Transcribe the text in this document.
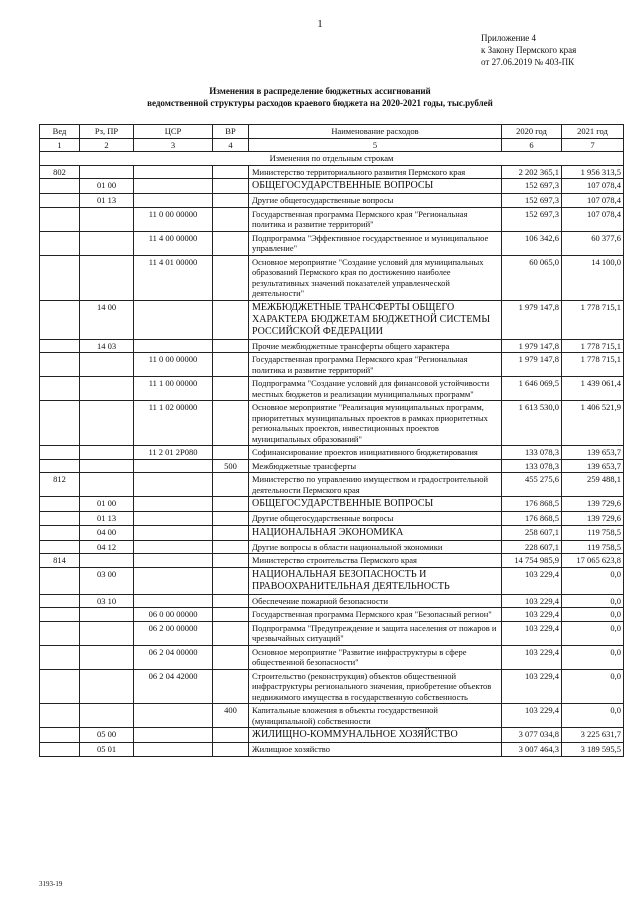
1
Приложение 4
к Закону Пермского края
от 27.06.2019 № 403-ПК
Изменения в распределение бюджетных ассигнований
ведомственной структуры расходов краевого бюджета на 2020-2021 годы, тыс.рублей
Вед	Рз, ПР	ЦСР	ВР	Наименование расходов	2020 год	2021 год
1	2	3	4	5	6	7
Изменения по отдельным строкам						
802				Министерство территориального развития Пермского края	2 202 365,1	1 956 313,5
	01 00			ОБЩЕГОСУДАРСТВЕННЫЕ ВОПРОСЫ	152 697,3	107 078,4
	01 13			Другие общегосударственные вопросы	152 697,3	107 078,4
		11 0 00 00000		Государственная программа Пермского края "Региональная политика и развитие территорий"	152 697,3	107 078,4
		11 4 00 00000		Подпрограмма "Эффективное государственное и муниципальное управление"	106 342,6	60 377,6
		11 4 01 00000		Основное мероприятие "Создание условий для муниципальных образований Пермского края по достижению наиболее результативных значений показателей управленческой деятельности"	60 065,0	14 100,0
	14 00			МЕЖБЮДЖЕТНЫЕ ТРАНСФЕРТЫ ОБЩЕГО ХАРАКТЕРА БЮДЖЕТАМ БЮДЖЕТНОЙ СИСТЕМЫ РОССИЙСКОЙ ФЕДЕРАЦИИ	1 979 147,8	1 778 715,1
	14 03			Прочие межбюджетные трансферты общего характера	1 979 147,8	1 778 715,1
		11 0 00 00000		Государственная программа Пермского края "Региональная политика и развитие территорий"	1 979 147,8	1 778 715,1
		11 1 00 00000		Подпрограмма "Создание условий для финансовой устойчивости местных бюджетов и реализации муниципальных программ"	1 646 069,5	1 439 061,4
		11 1 02 00000		Основное мероприятие "Реализация муниципальных программ, приоритетных муниципальных проектов в рамках приоритетных региональных проектов, инвестиционных проектов муниципальных образований"	1 613 530,0	1 406 521,9
		11 2 01 2Р080		Софинансирование проектов инициативного бюджетирования	133 078,3	139 653,7
			500	Межбюджетные трансферты	133 078,3	139 653,7
812				Министерство по управлению имуществом и градостроительной деятельности Пермского края	455 275,6	259 488,1
	01 00			ОБЩЕГОСУДАРСТВЕННЫЕ ВОПРОСЫ	176 868,5	139 729,6
	01 13			Другие общегосударственные вопросы	176 868,5	139 729,6
	04 00			НАЦИОНАЛЬНАЯ ЭКОНОМИКА	258 607,1	119 758,5
	04 12			Другие вопросы в области национальной экономики	228 607,1	119 758,5
814				Министерство строительства Пермского края	14 754 985,9	17 065 623,8
	03 00			НАЦИОНАЛЬНАЯ БЕЗОПАСНОСТЬ И ПРАВООХРАНИТЕЛЬНАЯ ДЕЯТЕЛЬНОСТЬ	103 229,4	0,0
	03 10			Обеспечение пожарной безопасности	103 229,4	0,0
		06 0 00 00000		Государственная программа Пермского края "Безопасный регион"	103 229,4	0,0
		06 2 00 00000		Подпрограмма "Предупреждение и защита населения от пожаров и чрезвычайных ситуаций"	103 229,4	0,0
		06 2 04 00000		Основное мероприятие "Развитие инфраструктуры в сфере общественной безопасности"	103 229,4	0,0
		06 2 04 42000		Строительство (реконструкция) объектов общественной инфраструктуры регионального значения, приобретение объектов недвижимого имущества в государственную собственность	103 229,4	0,0
			400	Капитальные вложения в объекты государственной (муниципальной) собственности	103 229,4	0,0
	05 00			ЖИЛИЩНО-КОММУНАЛЬНОЕ ХОЗЯЙСТВО	3 077 034,8	3 225 631,7
	05 01			Жилищное хозяйство	3 007 464,3	3 189 595,5
3193-19
